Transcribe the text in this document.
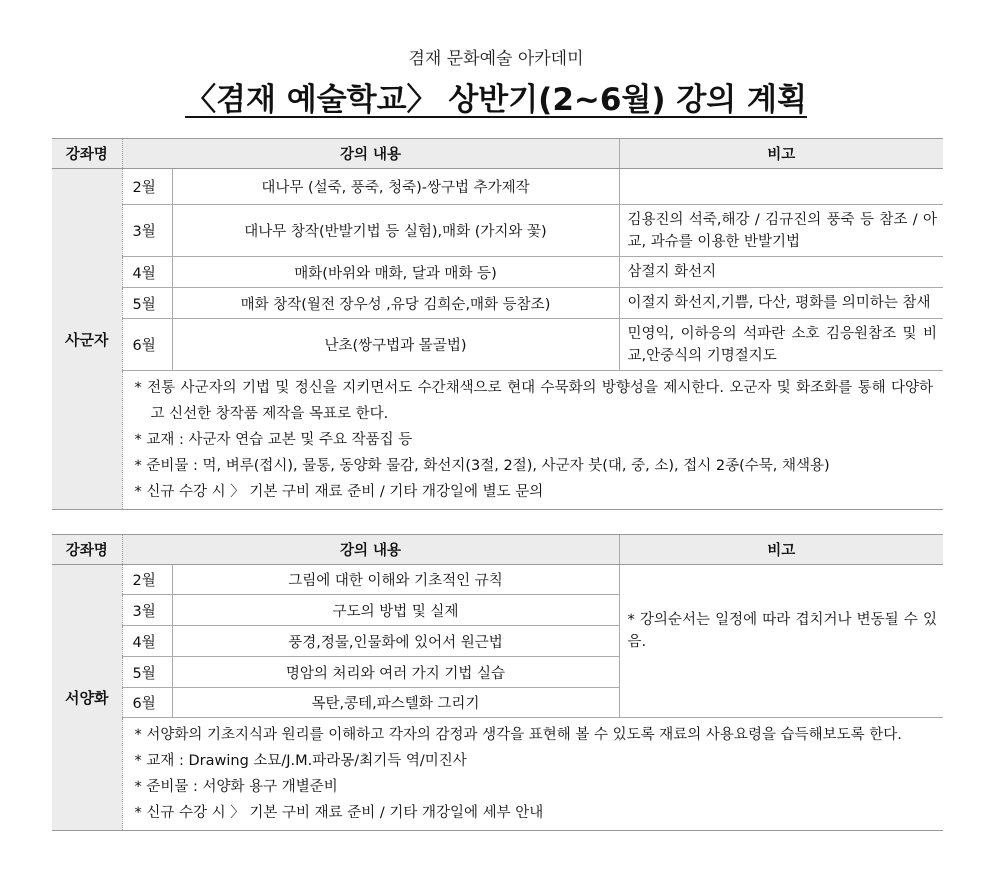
겸재 문화예술 아카데미
〈겸재 예술학교〉 상반기(2~6월) 강의 계획
강좌명	강의 내용		비고
사군자	2월	대나무 (설죽, 풍죽, 청죽)-쌍구법 추가제작	
	3월	대나무 창작(반발기법 등 실험),매화 (가지와 꽃)	김용진의 석죽,해강 / 김규진의 풍죽 등 참조 / 아교, 과슈를 이용한 반발기법
	4월	매화(바위와 매화, 달과 매화 등)	삼절지 화선지
	5월	매화 창작(월전 장우성 ,유당 김희순,매화 등참조)	이절지 화선지,기쁨, 다산, 평화를 의미하는 참새
	6월	난초(쌍구법과 몰골법)	민영익, 이하응의 석파란 소호 김응원참조 및 비교,안중식의 기명절지도

	* 전통 사군자의 기법 및 정신을 지키면서도 수간채색으로 현대 수묵화의 방향성을 제시한다. 오군자 및 화조화를 통해 다양하고 신선한 창작품 제작을 목표로 한다.
* 교재 : 사군자 연습 교본 및 주요 작품집 등
* 준비물 : 먹, 벼루(접시), 물통, 동양화 물감, 화선지(3절, 2절), 사군자 붓(대, 중, 소), 접시 2종(수묵, 채색용)
* 신규 수강 시 〉 기본 구비 재료 준비 / 기타 개강일에 별도 문의		
강좌명	강의 내용		비고
서양화	2월	그림에 대한 이해와 기초적인 규칙	* 강의순서는 일정에 따라 겹치거나 변동될 수 있음.
	3월	구도의 방법 및 실제	
	4월	풍경,정물,인물화에 있어서 원근법	
	5월	명암의 처리와 여러 가지 기법 실습	
	6월	목탄,콩테,파스텔화 그리기	

	* 서양화의 기초지식과 원리를 이해하고 각자의 감정과 생각을 표현해 볼 수 있도록 재료의 사용요령을 습득해보도록 한다.
* 교재 : Drawing 소묘/J.M.파라몽/최기득 역/미진사
* 준비물 : 서양화 용구 개별준비
* 신규 수강 시 〉 기본 구비 재료 준비 / 기타 개강일에 세부 안내		
